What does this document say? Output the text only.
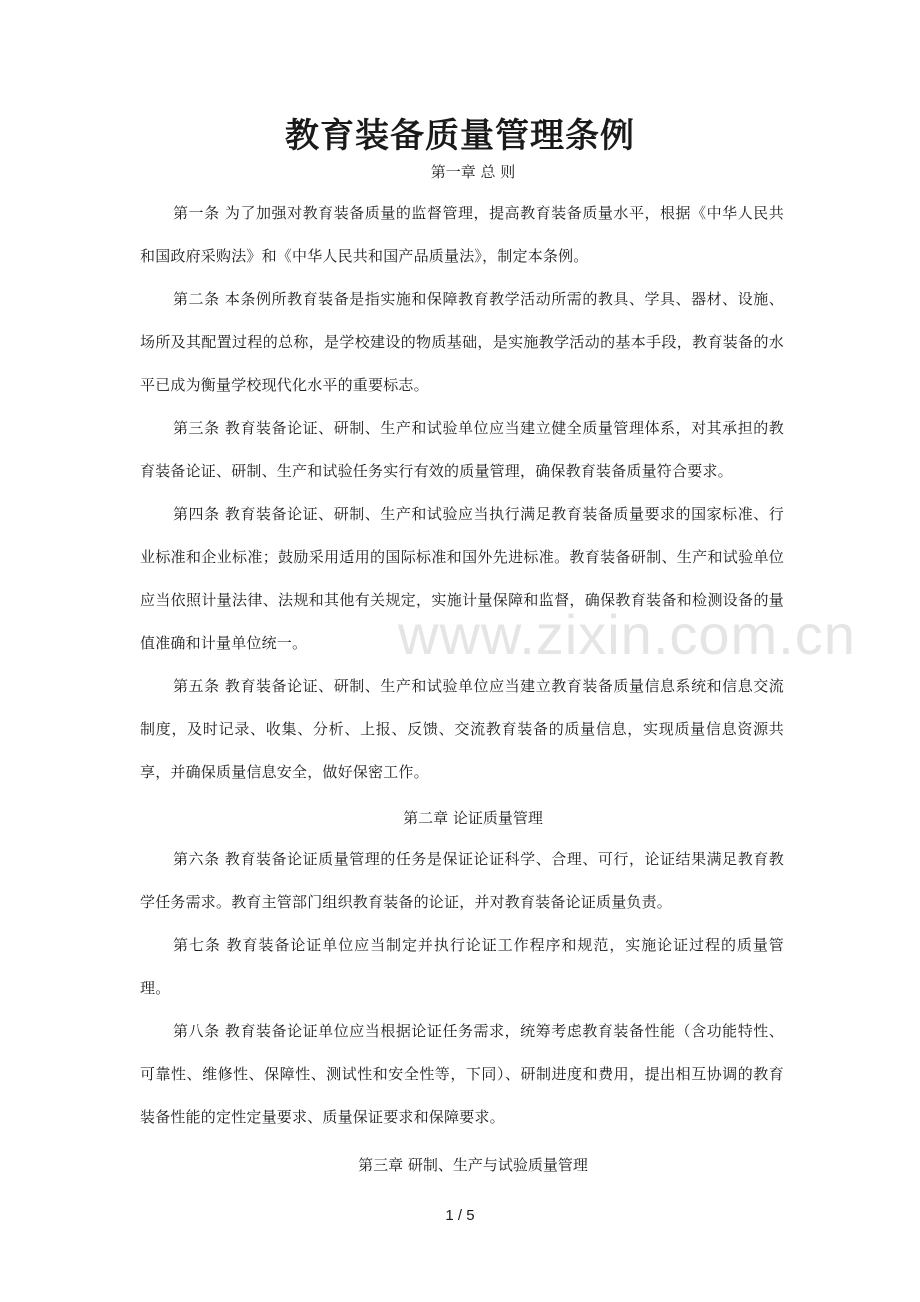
教育装备质量管理条例
第一章 总 则
第一条 为了加强对教育装备质量的监督管理，提高教育装备质量水平，根据《中华人民共和国政府采购法》和《中华人民共和国产品质量法》，制定本条例。
第二条 本条例所教育装备是指实施和保障教育教学活动所需的教具、学具、器材、设施、场所及其配置过程的总称，是学校建设的物质基础，是实施教学活动的基本手段，教育装备的水平已成为衡量学校现代化水平的重要标志。
第三条 教育装备论证、研制、生产和试验单位应当建立健全质量管理体系，对其承担的教育装备论证、研制、生产和试验任务实行有效的质量管理，确保教育装备质量符合要求。
第四条 教育装备论证、研制、生产和试验应当执行满足教育装备质量要求的国家标准、行业标准和企业标准；鼓励采用适用的国际标准和国外先进标准。教育装备研制、生产和试验单位应当依照计量法律、法规和其他有关规定，实施计量保障和监督，确保教育装备和检测设备的量值准确和计量单位统一。
第五条 教育装备论证、研制、生产和试验单位应当建立教育装备质量信息系统和信息交流制度，及时记录、收集、分析、上报、反馈、交流教育装备的质量信息，实现质量信息资源共享，并确保质量信息安全，做好保密工作。
第二章 论证质量管理
第六条 教育装备论证质量管理的任务是保证论证科学、合理、可行，论证结果满足教育教学任务需求。教育主管部门组织教育装备的论证，并对教育装备论证质量负责。
第七条 教育装备论证单位应当制定并执行论证工作程序和规范，实施论证过程的质量管理。
第八条 教育装备论证单位应当根据论证任务需求，统筹考虑教育装备性能（含功能特性、可靠性、维修性、保障性、测试性和安全性等，下同）、研制进度和费用，提出相互协调的教育装备性能的定性定量要求、质量保证要求和保障要求。
第三章 研制、生产与试验质量管理
www.zixin.com.cn
1 / 5
